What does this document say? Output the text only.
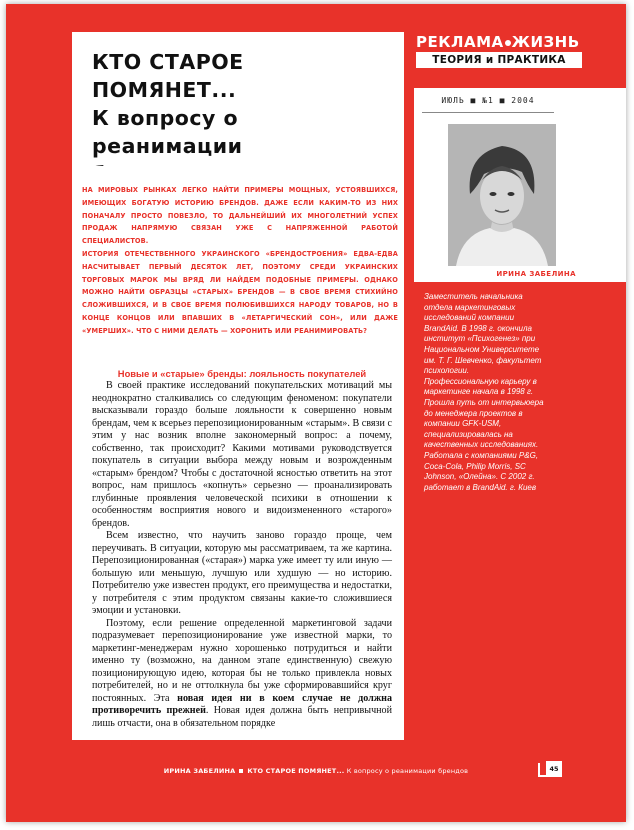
КТО СТАРОЕ ПОМЯНЕТ...
К вопросу о реанимации
РЕКЛАМА ЖИЗНЬ
ТЕОРИЯ и ПРАКТИКА
ИЮЛЬ ■ №1 ■ 2004
ИРИНА ЗАБЕЛИНА

Заместитель начальника отдела маркетинговых исследований компании BrandAid. В 1998 г. окончила институт «Психогенез» при Национальном Университете им. Т. Г. Шевченко, факультет психологии. Профессиональную карьеру в маркетинге начала в 1998 г. Прошла путь от интервьюера до менеджера проектов в компании GFK-USM, специализировалась на качественных исследованиях. Работала с компаниями P&G, Coca-Cola, Philip Morris, SC Johnson, «Олейна». С 2002 г. работает в BrandAid. г. Киев

НА МИРОВЫХ РЫНКАХ ЛЕГКО НАЙТИ ПРИМЕРЫ МОЩНЫХ, УСТОЯВШИХСЯ, ИМЕЮЩИХ БОГАТУЮ ИСТОРИЮ БРЕНДОВ. ДАЖЕ ЕСЛИ КАКИМ-ТО ИЗ НИХ ПОНАЧАЛУ ПРОСТО ПОВЕЗЛО, ТО ДАЛЬНЕЙШИЙ ИХ МНОГОЛЕТНИЙ УСПЕХ ПРОДАЖ НАПРЯМУЮ СВЯЗАН УЖЕ С НАПРЯЖЕННОЙ РАБОТОЙ СПЕЦИАЛИСТОВ.

ИСТОРИЯ ОТЕЧЕСТВЕННОГО УКРАИНСКОГО «БРЕНДОСТРОЕНИЯ» ЕДВА-ЕДВА НАСЧИТЫВАЕТ ПЕРВЫЙ ДЕСЯТОК ЛЕТ, ПОЭТОМУ СРЕДИ УКРАИНСКИХ ТОРГОВЫХ МАРОК МЫ ВРЯД ЛИ НАЙДЕМ ПОДОБНЫЕ ПРИМЕРЫ. ОДНАКО МОЖНО НАЙТИ ОБРАЗЦЫ «СТАРЫХ» БРЕНДОВ — В СВОЕ ВРЕМЯ СТИХИЙНО СЛОЖИВШИХСЯ, И В СВОЕ ВРЕМЯ ПОЛЮБИВШИХСЯ НАРОДУ ТОВАРОВ, НО В КОНЦЕ КОНЦОВ ИЛИ ВПАВШИХ В «ЛЕТАРГИЧЕСКИЙ СОН», ИЛИ ДАЖЕ «УМЕРШИХ». ЧТО С НИМИ ДЕЛАТЬ — ХОРОНИТЬ ИЛИ РЕАНИМИРОВАТЬ?

Новые и «старые» бренды: лояльность покупателей

В своей практике исследований покупательских мотиваций мы неоднократно сталкивались со следующим феноменом: покупатели высказывали гораздо больше лояльности к совершенно новым брендам, чем к всерьез перепозиционированным «старым». В связи с этим у нас возник вполне закономерный вопрос: а почему, собственно, так происходит? Какими мотивами руководствуется покупатель в ситуации выбора между новым и возрожденным «старым» брендом? Чтобы с достаточной ясностью ответить на этот вопрос, нам пришлось «копнуть» серьезно — проанализировать глубинные проявления человеческой психики в отношении к особенностям восприятия нового и видоизмененного «старого» брендов.

Всем известно, что научить заново гораздо проще, чем переучивать. В ситуации, которую мы рассматриваем, та же картина. Перепозиционированная («старая») марка уже имеет ту или иную — большую или меньшую, лучшую или худшую — но историю. Потребителю уже известен продукт, его преимущества и недостатки, у потребителя с этим продуктом связаны какие-то сложившиеся эмоции и установки.

Поэтому, если решение определенной маркетинговой задачи подразумевает перепозиционирование уже известной марки, то маркетинг-менеджерам нужно хорошенько потрудиться и найти именно ту (возможно, на данном этапе единственную) свежую позиционирующую идею, которая бы не только привлекла новых потребителей, но и не оттолкнула бы уже сформировавшийся круг постоянных. Эта новая идея ни в коем случае не должна противоречить прежней. Новая идея должна быть непривычной лишь отчасти, она в обязательном порядке

ИРИНА ЗАБЕЛИНА КТО СТАРОЕ ПОМЯНЕТ... К вопросу о реанимации брендов	45
